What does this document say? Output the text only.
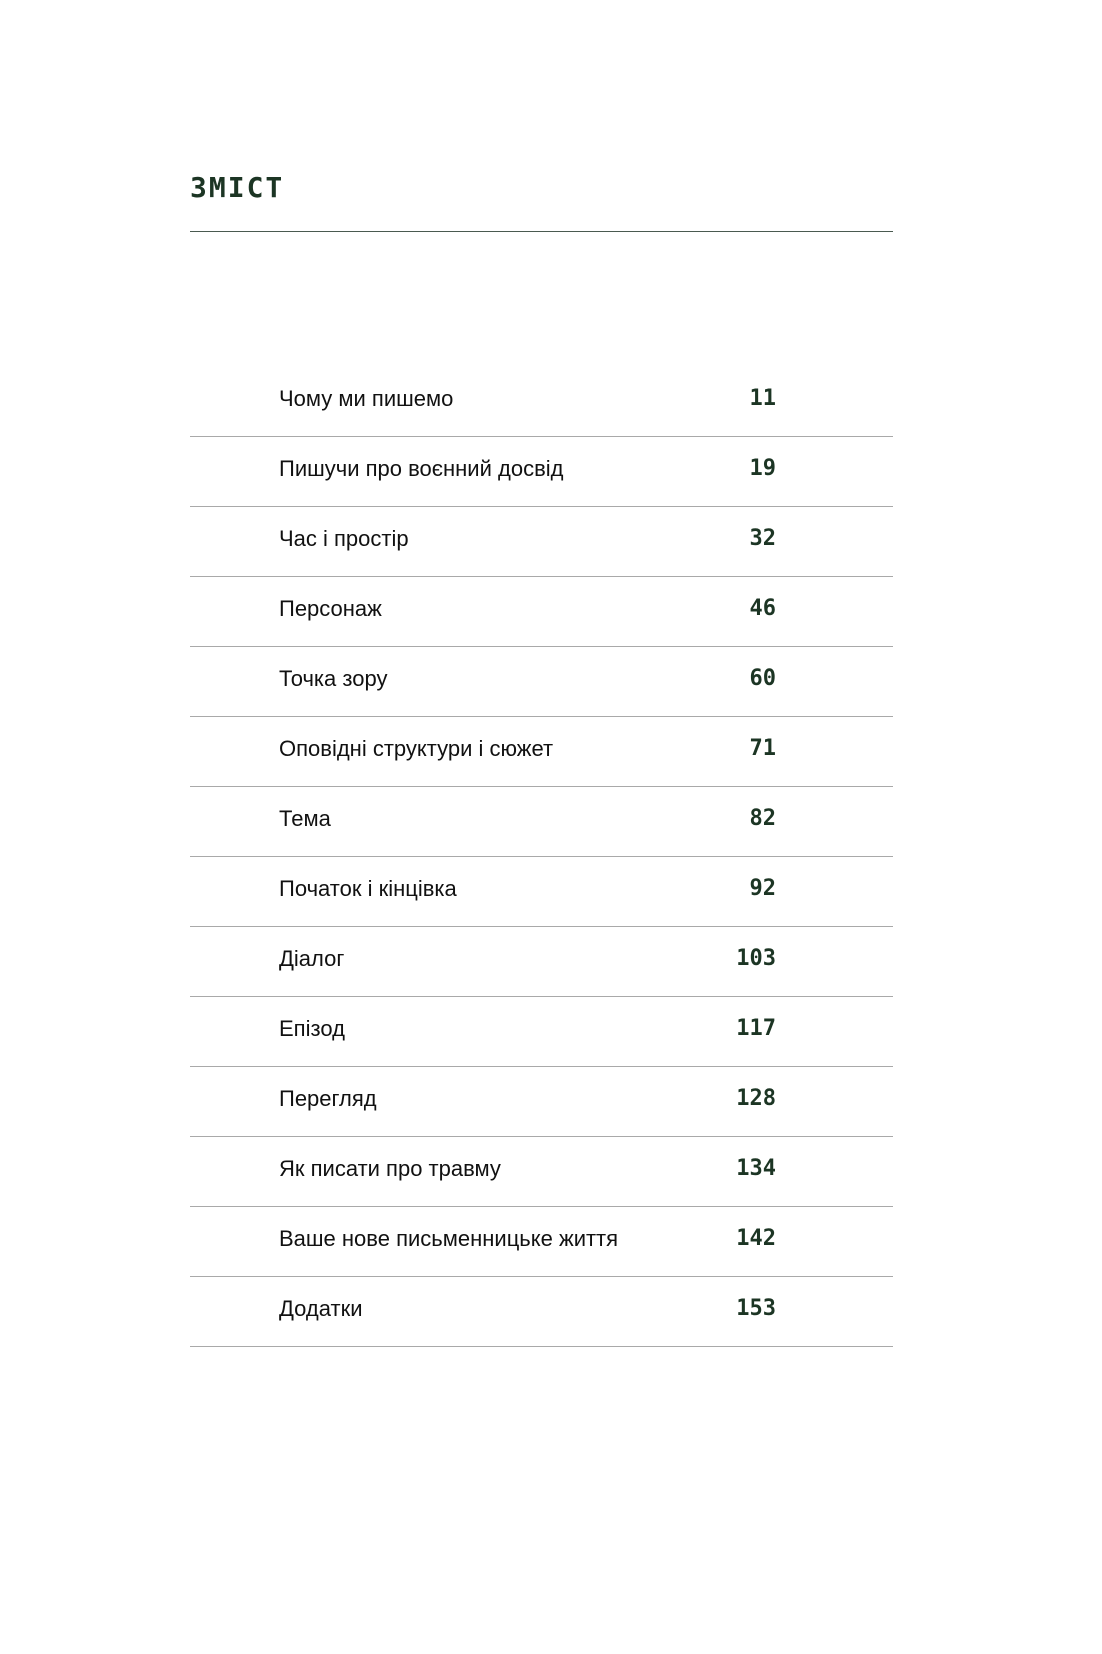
ЗМІСТ
Чому ми пишемо	11
Пишучи про воєнний досвід	19
Час і простір	32
Персонаж	46
Точка зору	60
Оповідні структури і сюжет	71
Тема	82
Початок і кінцівка	92
Діалог	103
Епізод	117
Перегляд	128
Як писати про травму	134
Ваше нове письменницьке життя	142
Додатки	153
